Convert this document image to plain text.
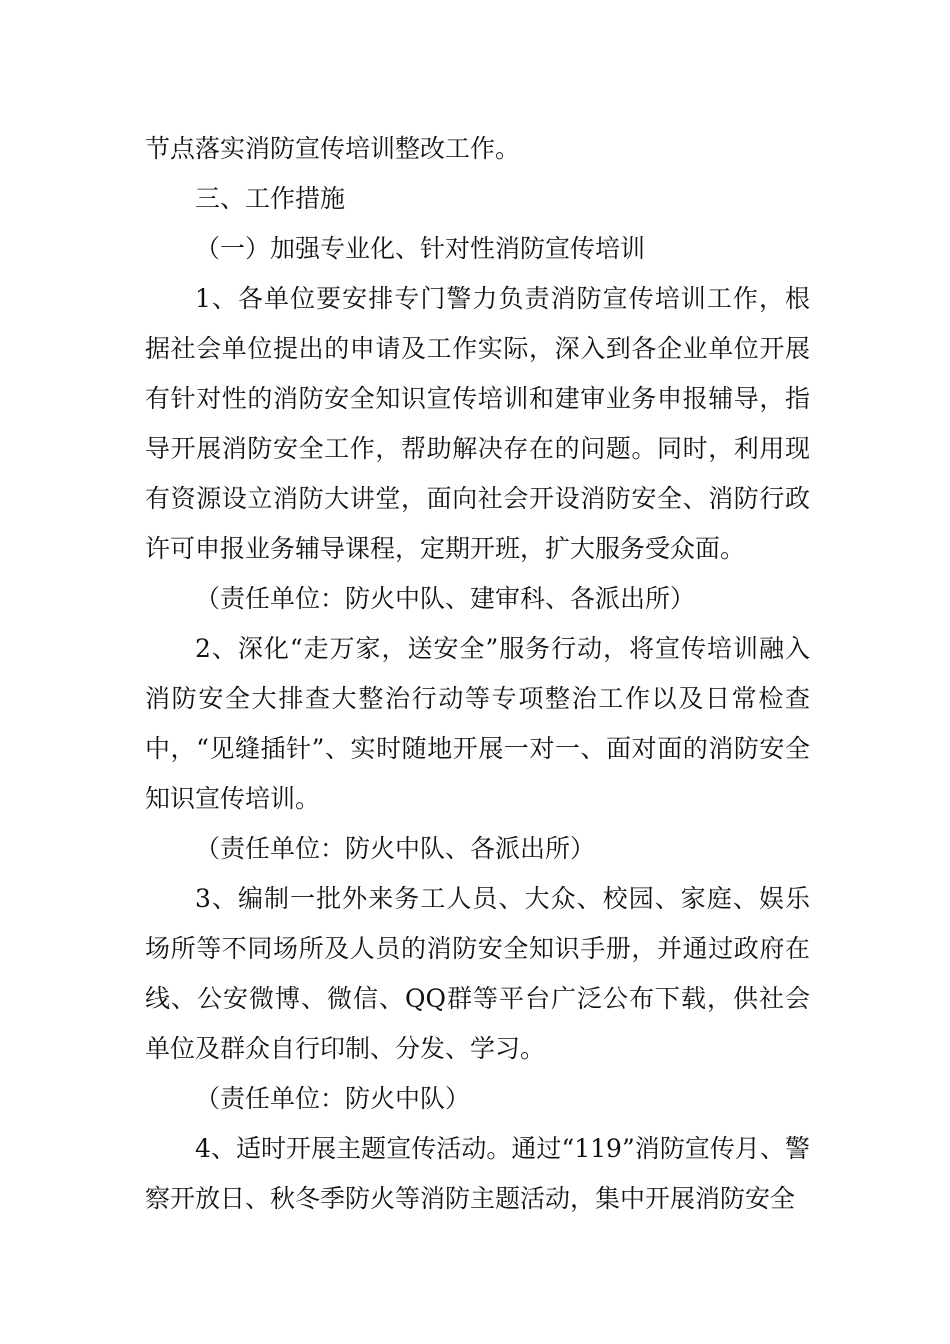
节点落实消防宣传培训整改工作。

三、工作措施

（一）加强专业化、针对性消防宣传培训

1、各单位要安排专门警力负责消防宣传培训工作，根据社会单位提出的申请及工作实际，深入到各企业单位开展有针对性的消防安全知识宣传培训和建审业务申报辅导，指导开展消防安全工作，帮助解决存在的问题。同时，利用现有资源设立消防大讲堂，面向社会开设消防安全、消防行政许可申报业务辅导课程，定期开班，扩大服务受众面。

（责任单位：防火中队、建审科、各派出所）

2、深化“走万家，送安全”服务行动，将宣传培训融入消防安全大排查大整治行动等专项整治工作以及日常检查中，“见缝插针”、实时随地开展一对一、面对面的消防安全知识宣传培训。

（责任单位：防火中队、各派出所）

3、编制一批外来务工人员、大众、校园、家庭、娱乐场所等不同场所及人员的消防安全知识手册，并通过政府在线、公安微博、微信、QQ群等平台广泛公布下载，供社会单位及群众自行印制、分发、学习。

（责任单位：防火中队）

4、适时开展主题宣传活动。通过“119”消防宣传月、警察开放日、秋冬季防火等消防主题活动，集中开展消防安全
